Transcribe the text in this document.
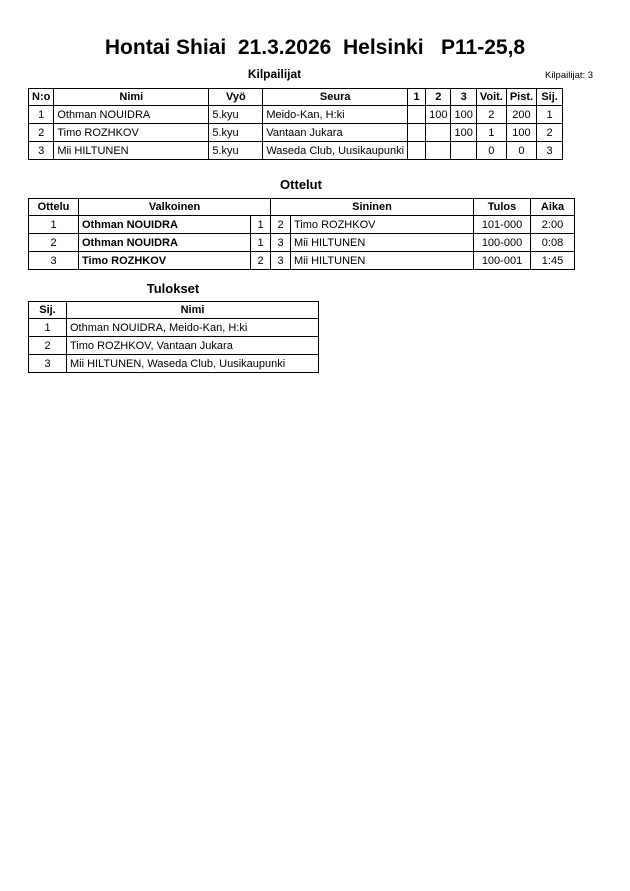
Hontai Shiai  21.3.2026  Helsinki   P11-25,8
Kilpailijat	Kilpailijat: 3
N:o	Nimi	Vyö	Seura	1	2	3	Voit.	Pist.	Sij.
1	Othman NOUIDRA	5.kyu	Meido-Kan, H:ki		100	100	2	200	1
2	Timo ROZHKOV	5.kyu	Vantaan Jukara			100	1	100	2
3	Mii HILTUNEN	5.kyu	Waseda Club, Uusikaupunki				0	0	3
Ottelut
Ottelu	Valkoinen		Sininen		Tulos	Aika
1	Othman NOUIDRA	1	2	Timo ROZHKOV	101-000	2:00
2	Othman NOUIDRA	1	3	Mii HILTUNEN	100-000	0:08
3	Timo ROZHKOV	2	3	Mii HILTUNEN	100-001	1:45
Tulokset
Sij.	Nimi
1	Othman NOUIDRA, Meido-Kan, H:ki
2	Timo ROZHKOV, Vantaan Jukara
3	Mii HILTUNEN, Waseda Club, Uusikaupunki
